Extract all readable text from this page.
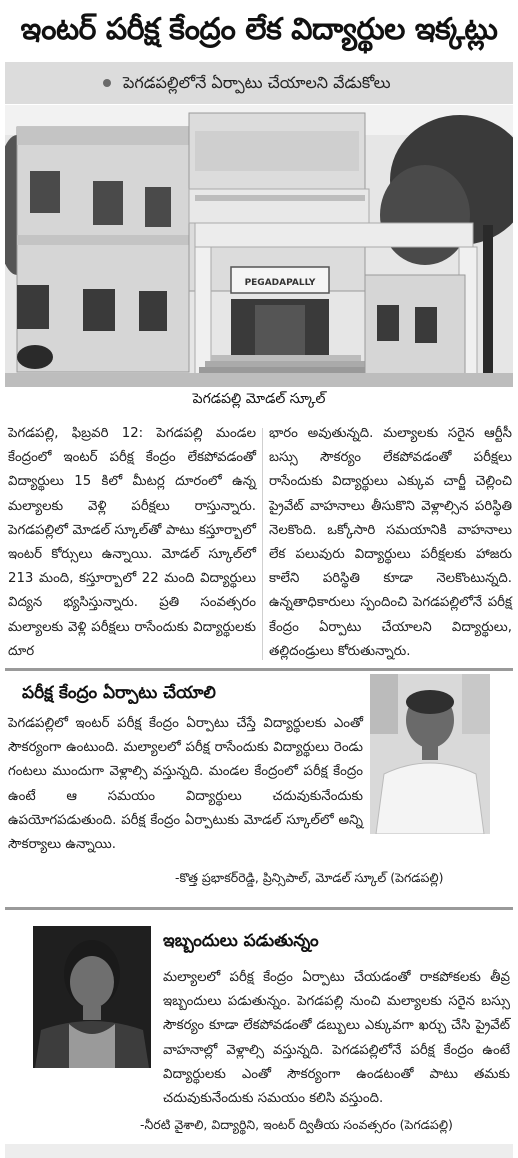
ఇంటర్ పరీక్ష కేంద్రం లేక విద్యార్థుల ఇక్కట్లు
పెగడపల్లిలోనే ఏర్పాటు చేయాలని వేడుకోలు
PEGADAPALLY
పెగడపల్లి మోడల్ స్కూల్
పెగడపల్లి, ఫిబ్రవరి 12: పెగడపల్లి మండల కేంద్రంలో ఇంటర్ పరీక్ష కేంద్రం లేకపోవడంతో విద్యార్థులు 15 కిలో మీటర్ల దూరంలో ఉన్న మల్యాలకు వెళ్లి పరీక్షలు రాస్తున్నారు. పెగడపల్లిలో మోడల్ స్కూల్‌తో పాటు కస్తూర్బాలో ఇంటర్ కోర్సులు ఉన్నాయి. మోడల్ స్కూల్‌లో 213 మంది, కస్తూర్బాలో 22 మంది విద్యార్థులు విద్యన భ్యసిస్తున్నారు. ప్రతి సంవత్సరం మల్యాలకు వెళ్లి పరీక్షలు రాసేందుకు విద్యార్థులకు దూర
భారం అవుతున్నది. మల్యాలకు సరైన ఆర్టీసీ బస్సు సౌకర్యం లేకపోవడంతో పరీక్షలు రాసేందుకు విద్యార్థులు ఎక్కువ చార్జీ చెల్లించి ప్రైవేట్ వాహనాలు తీసుకొని వెళ్లాల్సిన పరిస్థితి నెలకొంది. ఒక్కోసారి సమయానికి వాహనాలు లేక పలువురు విద్యార్థులు పరీక్షలకు హాజరు కాలేని పరిస్థితి కూడా నెలకొంటున్నది. ఉన్నతాధికారులు స్పందించి పెగడపల్లిలోనే పరీక్ష కేంద్రం ఏర్పాటు చేయాలని విద్యార్థులు, తల్లిదండ్రులు కోరుతున్నారు.
పరీక్ష కేంద్రం ఏర్పాటు చేయాలి
పెగడపల్లిలో ఇంటర్ పరీక్ష కేంద్రం ఏర్పాటు చేస్తే విద్యార్థులకు ఎంతో సౌకర్యంగా ఉంటుంది. మల్యాలలో పరీక్ష రాసేందుకు విద్యార్థులు రెండు గంటలు ముందుగా వెళ్లాల్సి వస్తున్నది. మండల కేంద్రంలో పరీక్ష కేంద్రం ఉంటే ఆ సమయం విద్యార్థులు చదువుకునేందుకు ఉపయోగపడుతుంది. పరీక్ష కేంద్రం ఏర్పాటుకు మోడల్ స్కూల్‌లో అన్ని సౌకర్యాలు ఉన్నాయి.
-కొత్త ప్రభాకర్‌రెడ్డి, ప్రిన్సిపాల్, మోడల్ స్కూల్ (పెగడపల్లి)
ఇబ్బందులు పడుతున్నం
మల్యాలలో పరీక్ష కేంద్రం ఏర్పాటు చేయడంతో రాకపోకలకు తీవ్ర ఇబ్బందులు పడుతున్నం. పెగడపల్లి నుంచి మల్యాలకు సరైన బస్సు సౌకర్యం కూడా లేకపోవడంతో డబ్బులు ఎక్కువగా ఖర్చు చేసి ప్రైవేట్ వాహనాల్లో వెళ్లాల్సి వస్తున్నది. పెగడపల్లిలోనే పరీక్ష కేంద్రం ఉంటే విద్యార్థులకు ఎంతో సౌకర్యంగా ఉండటంతో పాటు తమకు చదువుకునేందుకు సమయం కలిసి వస్తుంది.
-నీరటి వైశాలి, విద్యార్థిని, ఇంటర్ ద్వితీయ సంవత్సరం (పెగడపల్లి)
